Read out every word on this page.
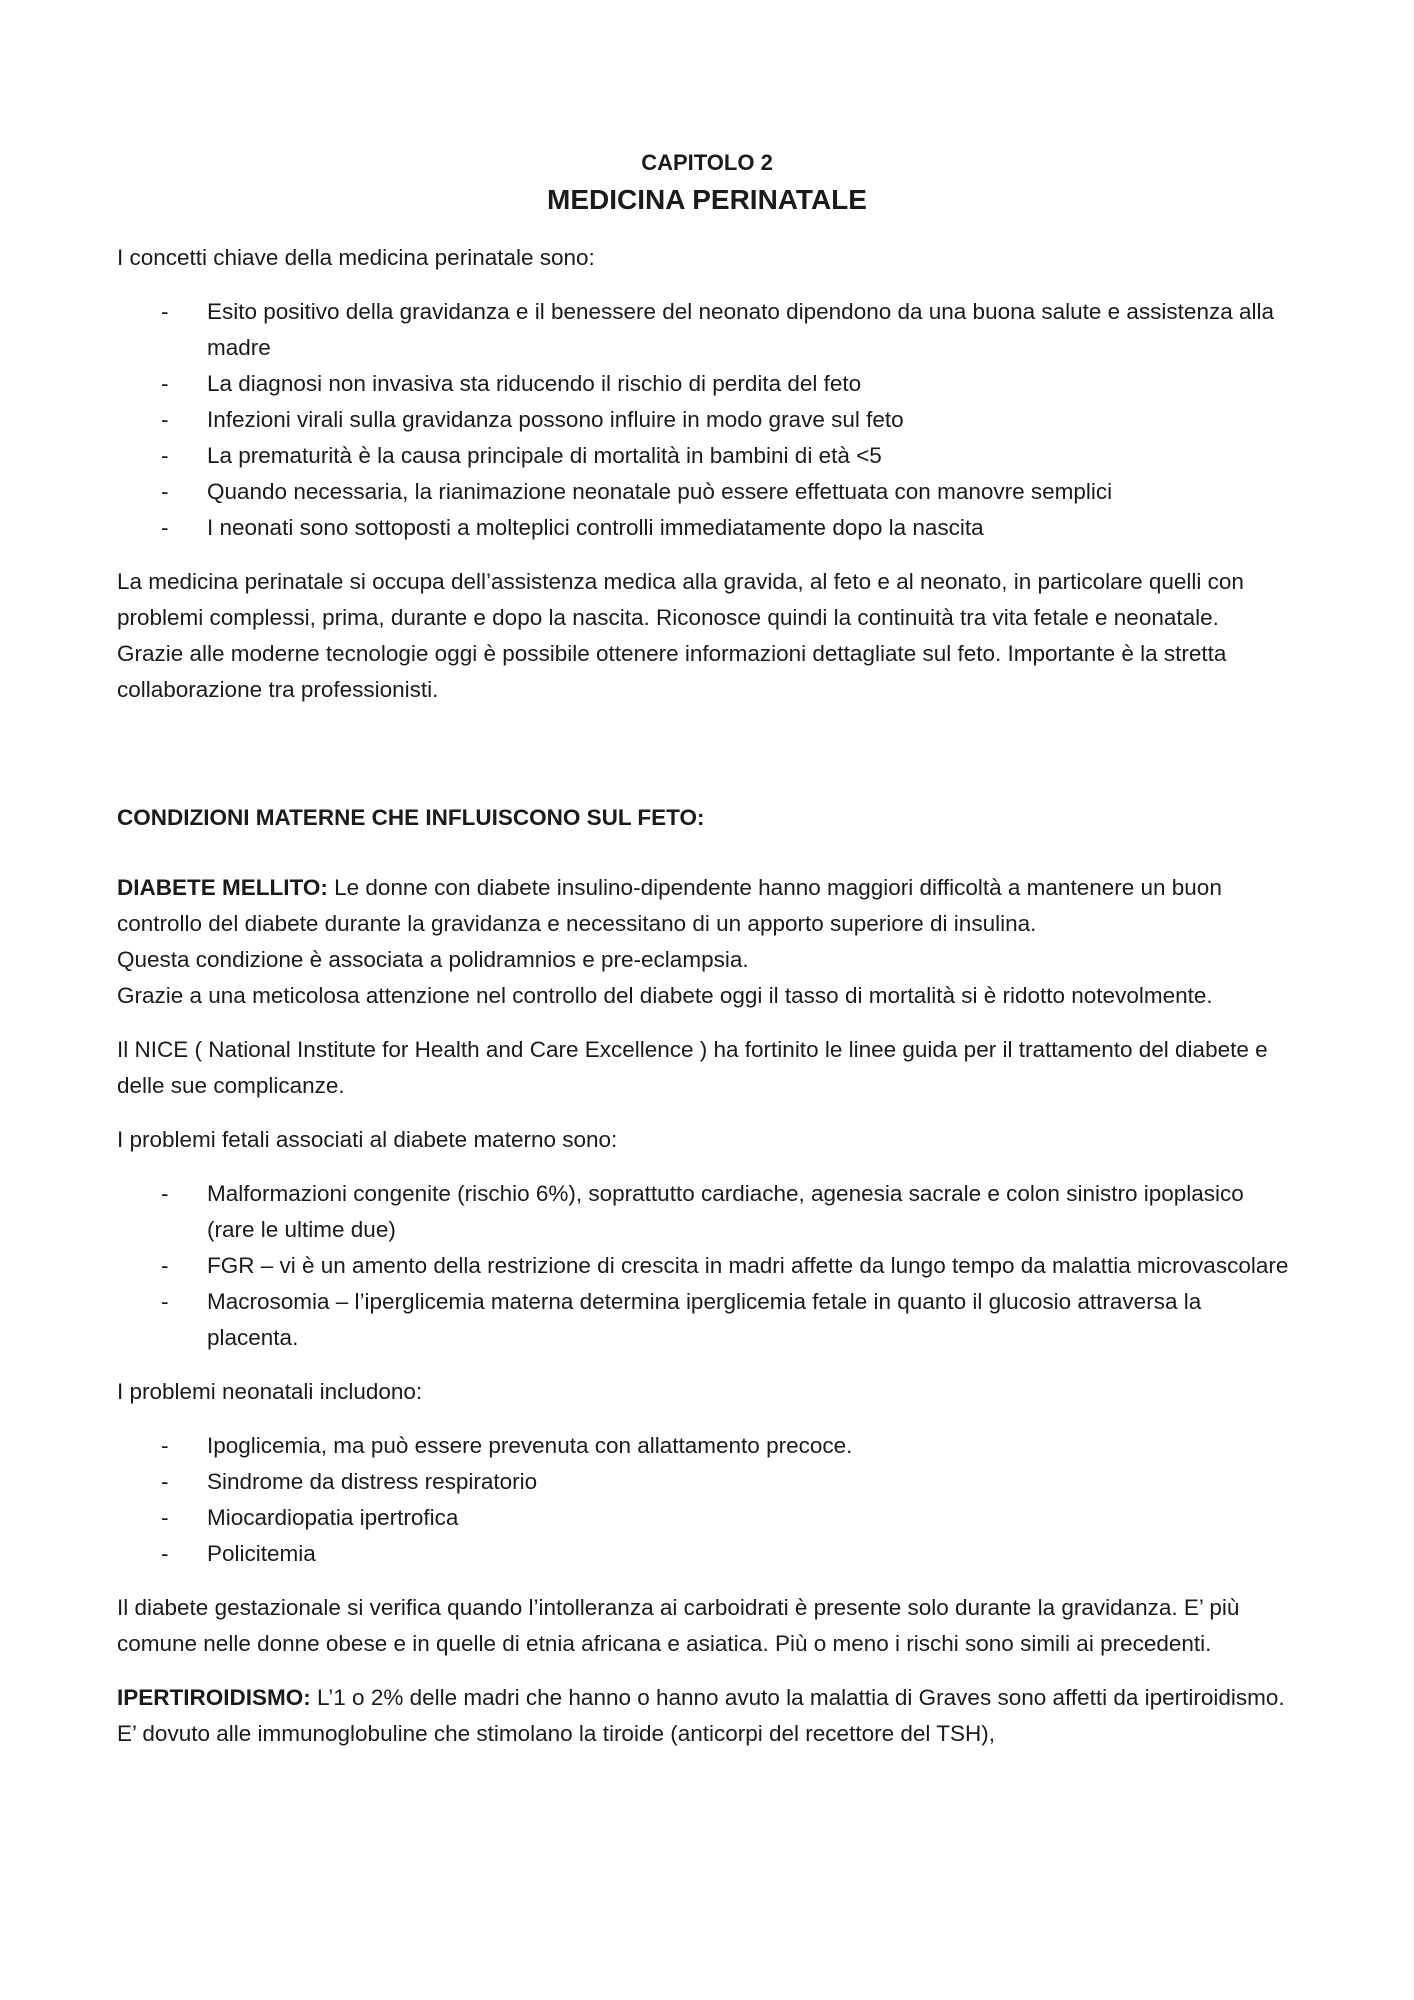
CAPITOLO 2
MEDICINA PERINATALE

I concetti chiave della medicina perinatale sono:

- Esito positivo della gravidanza e il benessere del neonato dipendono da una buona salute e assistenza alla madre
- La diagnosi non invasiva sta riducendo il rischio di perdita del feto
- Infezioni virali sulla gravidanza possono influire in modo grave sul feto
- La prematurità è la causa principale di mortalità in bambini di età <5
- Quando necessaria, la rianimazione neonatale può essere effettuata con manovre semplici
- I neonati sono sottoposti a molteplici controlli immediatamente dopo la nascita

La medicina perinatale si occupa dell’assistenza medica alla gravida, al feto e al neonato, in particolare quelli con problemi complessi, prima, durante e dopo la nascita. Riconosce quindi la continuità tra vita fetale e neonatale.

Grazie alle moderne tecnologie oggi è possibile ottenere informazioni dettagliate sul feto. Importante è la stretta collaborazione tra professionisti.

CONDIZIONI MATERNE CHE INFLUISCONO SUL FETO:

DIABETE MELLITO: Le donne con diabete insulino-dipendente hanno maggiori difficoltà a mantenere un buon controllo del diabete durante la gravidanza e necessitano di un apporto superiore di insulina.

Questa condizione è associata a polidramnios e pre-eclampsia.

Grazie a una meticolosa attenzione nel controllo del diabete oggi il tasso di mortalità si è ridotto notevolmente.

Il NICE ( National Institute for Health and Care Excellence ) ha fortinito le linee guida per il trattamento del diabete e delle sue complicanze.

I problemi fetali associati al diabete materno sono:

- Malformazioni congenite (rischio 6%), soprattutto cardiache, agenesia sacrale e colon sinistro ipoplasico (rare le ultime due)
- FGR – vi è un amento della restrizione di crescita in madri affette da lungo tempo da malattia microvascolare
- Macrosomia – l’iperglicemia materna determina iperglicemia fetale in quanto il glucosio attraversa la placenta.

I problemi neonatali includono:

- Ipoglicemia, ma può essere prevenuta con allattamento precoce.
- Sindrome da distress respiratorio
- Miocardiopatia ipertrofica
- Policitemia

Il diabete gestazionale si verifica quando l’intolleranza ai carboidrati è presente solo durante la gravidanza. E’ più comune nelle donne obese e in quelle di etnia africana e asiatica. Più o meno i rischi sono simili ai precedenti.

IPERTIROIDISMO: L’1 o 2% delle madri che hanno o hanno avuto la malattia di Graves sono affetti da ipertiroidismo. E’ dovuto alle immunoglobuline che stimolano la tiroide (anticorpi del recettore del TSH),
